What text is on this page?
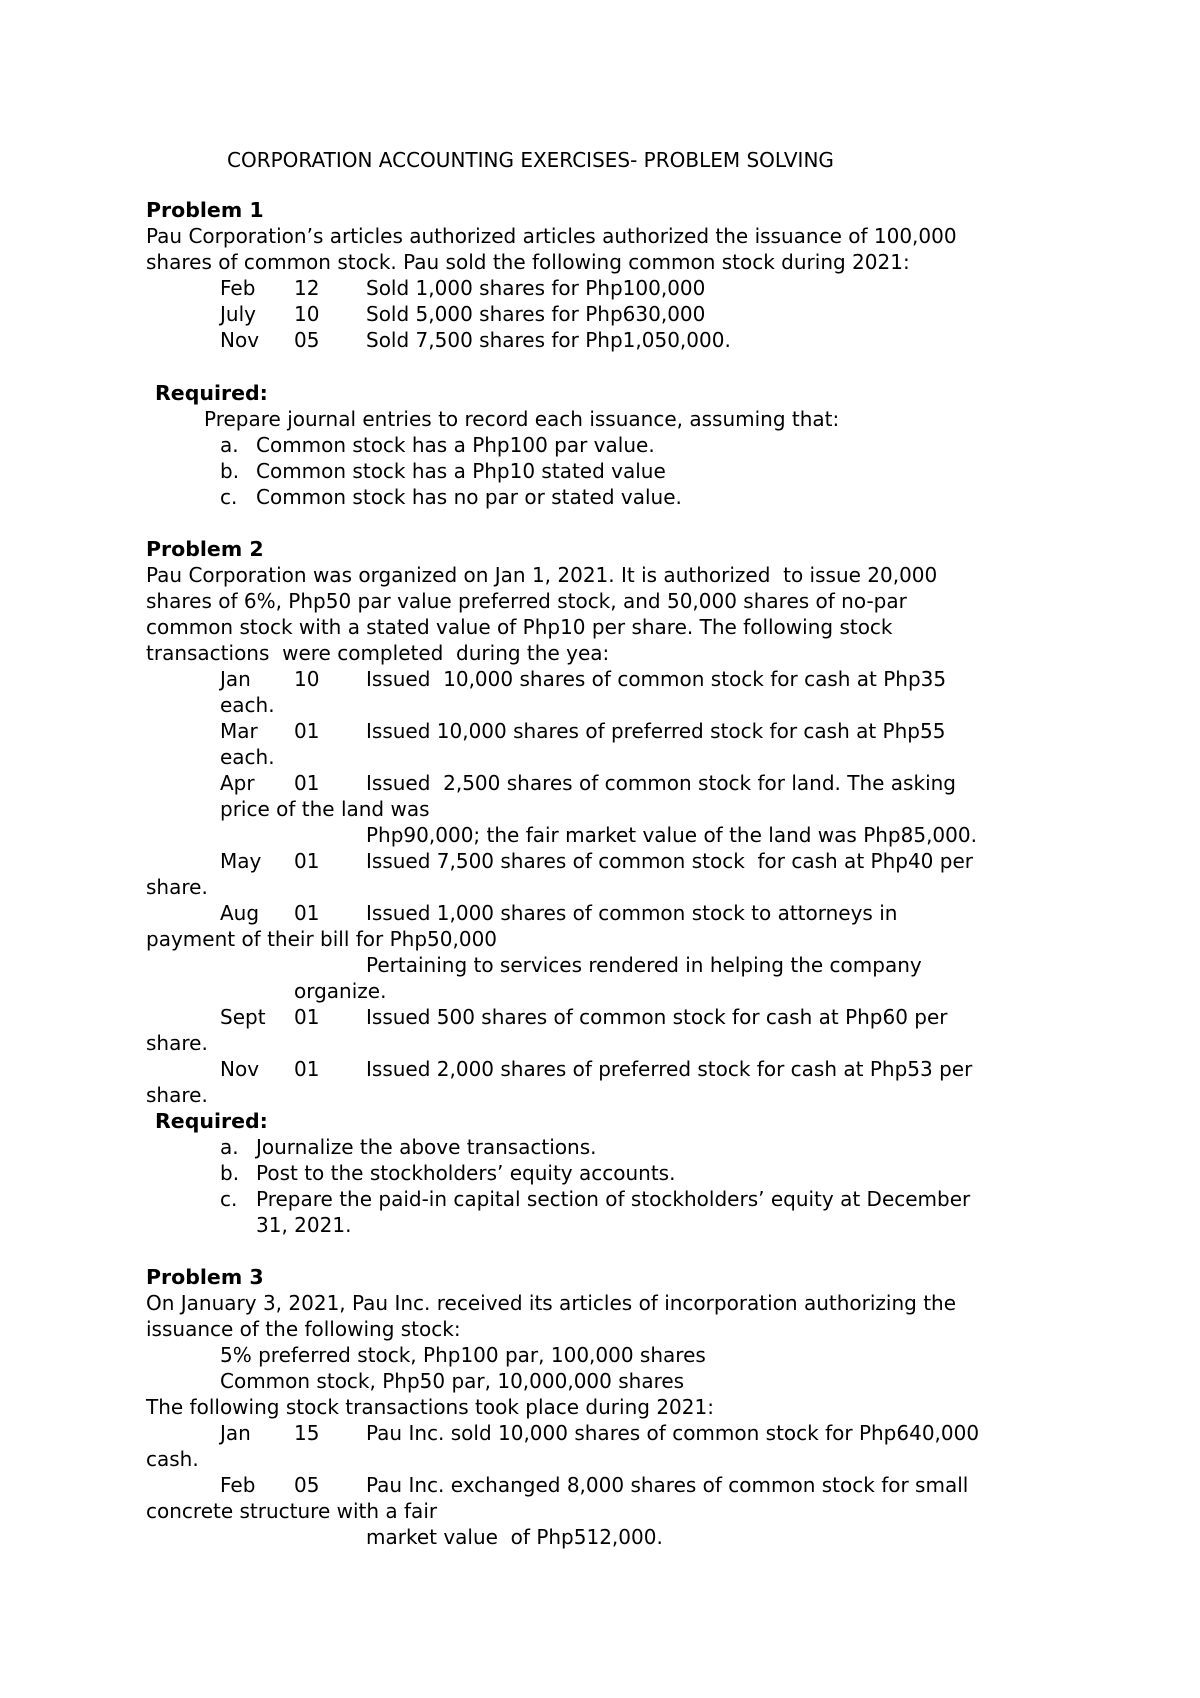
CORPORATION ACCOUNTING EXERCISES- PROBLEM SOLVING
Problem 1
Pau Corporation’s articles authorized articles authorized the issuance of 100,000
shares of common stock. Pau sold the following common stock during 2021:
Feb 12 Sold 1,000 shares for Php100,000
July 10 Sold 5,000 shares for Php630,000
Nov 05 Sold 7,500 shares for Php1,050,000.
Required:
Prepare journal entries to record each issuance, assuming that:
a. Common stock has a Php100 par value.
b. Common stock has a Php10 stated value
c. Common stock has no par or stated value.
Problem 2
Pau Corporation was organized on Jan 1, 2021. It is authorized  to issue 20,000
shares of 6%, Php50 par value preferred stock, and 50,000 shares of no-par
common stock with a stated value of Php10 per share. The following stock
transactions  were completed  during the yea:
Jan 10 Issued  10,000 shares of common stock for cash at Php35
each.
Mar 01 Issued 10,000 shares of preferred stock for cash at Php55
each.
Apr 01 Issued  2,500 shares of common stock for land. The asking
price of the land was
Php90,000; the fair market value of the land was Php85,000.
May 01 Issued 7,500 shares of common stock  for cash at Php40 per
share.
Aug 01 Issued 1,000 shares of common stock to attorneys in
payment of their bill for Php50,000
Pertaining to services rendered in helping the company
organize.
Sept 01 Issued 500 shares of common stock for cash at Php60 per
share.
Nov 01 Issued 2,000 shares of preferred stock for cash at Php53 per
share.
Required:
a. Journalize the above transactions.
b. Post to the stockholders’ equity accounts.
c. Prepare the paid-in capital section of stockholders’ equity at December
31, 2021.
Problem 3
On January 3, 2021, Pau Inc. received its articles of incorporation authorizing the
issuance of the following stock:
5% preferred stock, Php100 par, 100,000 shares
Common stock, Php50 par, 10,000,000 shares
The following stock transactions took place during 2021:
Jan 15 Pau Inc. sold 10,000 shares of common stock for Php640,000
cash.
Feb 05 Pau Inc. exchanged 8,000 shares of common stock for small
concrete structure with a fair
market value  of Php512,000.
